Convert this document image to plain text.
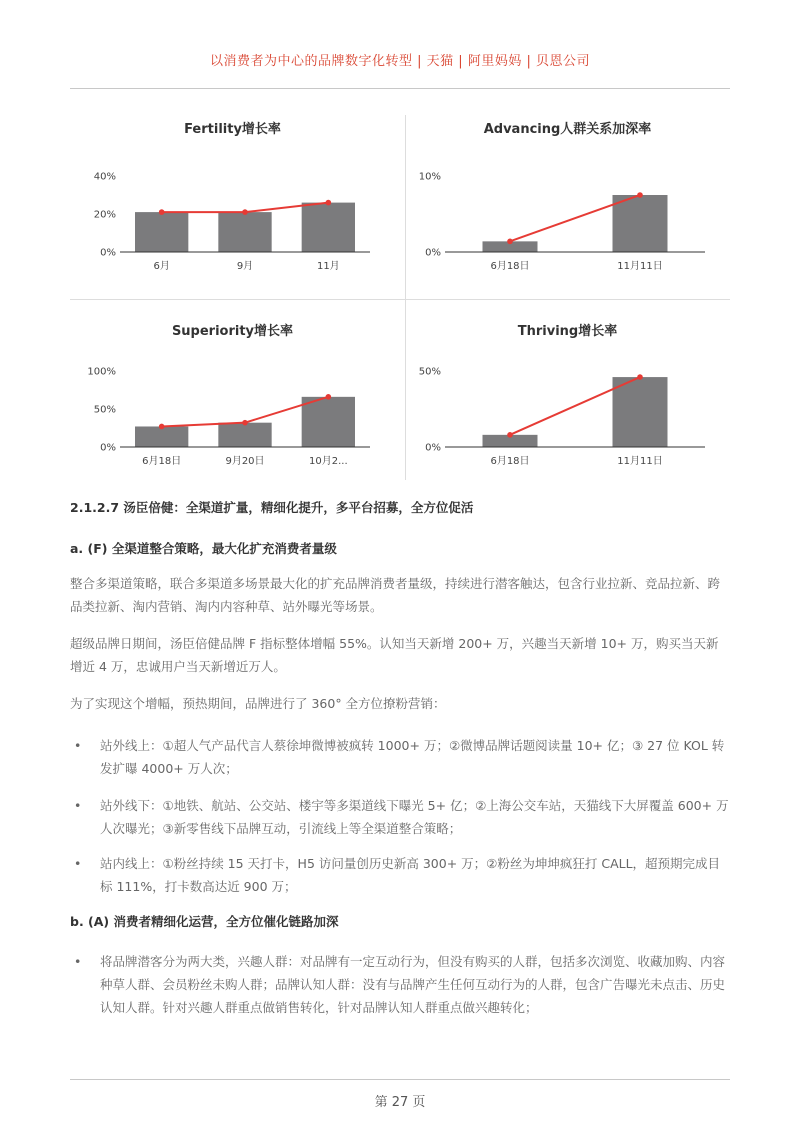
以消费者为中心的品牌数字化转型 | 天猫 | 阿里妈妈 | 贝恩公司
Fertility增长率
0%
20%
40%
6月	9月	11月
Advancing人群关系加深率
0%
10%
6月18日	11月11日
Superiority增长率
0%
50%
100%
6月18日	9月20日	10月2...
Thriving增长率
0%
50%
6月18日	11月11日
2.1.2.7 汤臣倍健：全渠道扩量，精细化提升，多平台招募，全方位促活
a. (F) 全渠道整合策略，最大化扩充消费者量级
整合多渠道策略，联合多渠道多场景最大化的扩充品牌消费者量级，持续进行潜客触达，包含行业拉新、竞品拉新、跨品类拉新、淘内营销、淘内内容种草、站外曝光等场景。
超级品牌日期间，汤臣倍健品牌 F 指标整体增幅 55%。认知当天新增 200+ 万，兴趣当天新增 10+ 万，购买当天新增近 4 万，忠诚用户当天新增近万人。
为了实现这个增幅，预热期间，品牌进行了 360° 全方位撩粉营销：
• 站外线上：①超人气产品代言人蔡徐坤微博被疯转 1000+ 万；②微博品牌话题阅读量 10+ 亿；③ 27 位 KOL 转发扩曝 4000+ 万人次；
• 站外线下：①地铁、航站、公交站、楼宇等多渠道线下曝光 5+ 亿；②上海公交车站，天猫线下大屏覆盖 600+ 万人次曝光；③新零售线下品牌互动，引流线上等全渠道整合策略；
• 站内线上：①粉丝持续 15 天打卡，H5 访问量创历史新高 300+ 万；②粉丝为坤坤疯狂打 CALL，超预期完成目标 111%，打卡数高达近 900 万；
b. (A) 消费者精细化运营，全方位催化链路加深
• 将品牌潜客分为两大类，兴趣人群：对品牌有一定互动行为，但没有购买的人群，包括多次浏览、收藏加购、内容种草人群、会员粉丝未购人群；品牌认知人群：没有与品牌产生任何互动行为的人群，包含广告曝光未点击、历史认知人群。针对兴趣人群重点做销售转化，针对品牌认知人群重点做兴趣转化；
第 27 页
